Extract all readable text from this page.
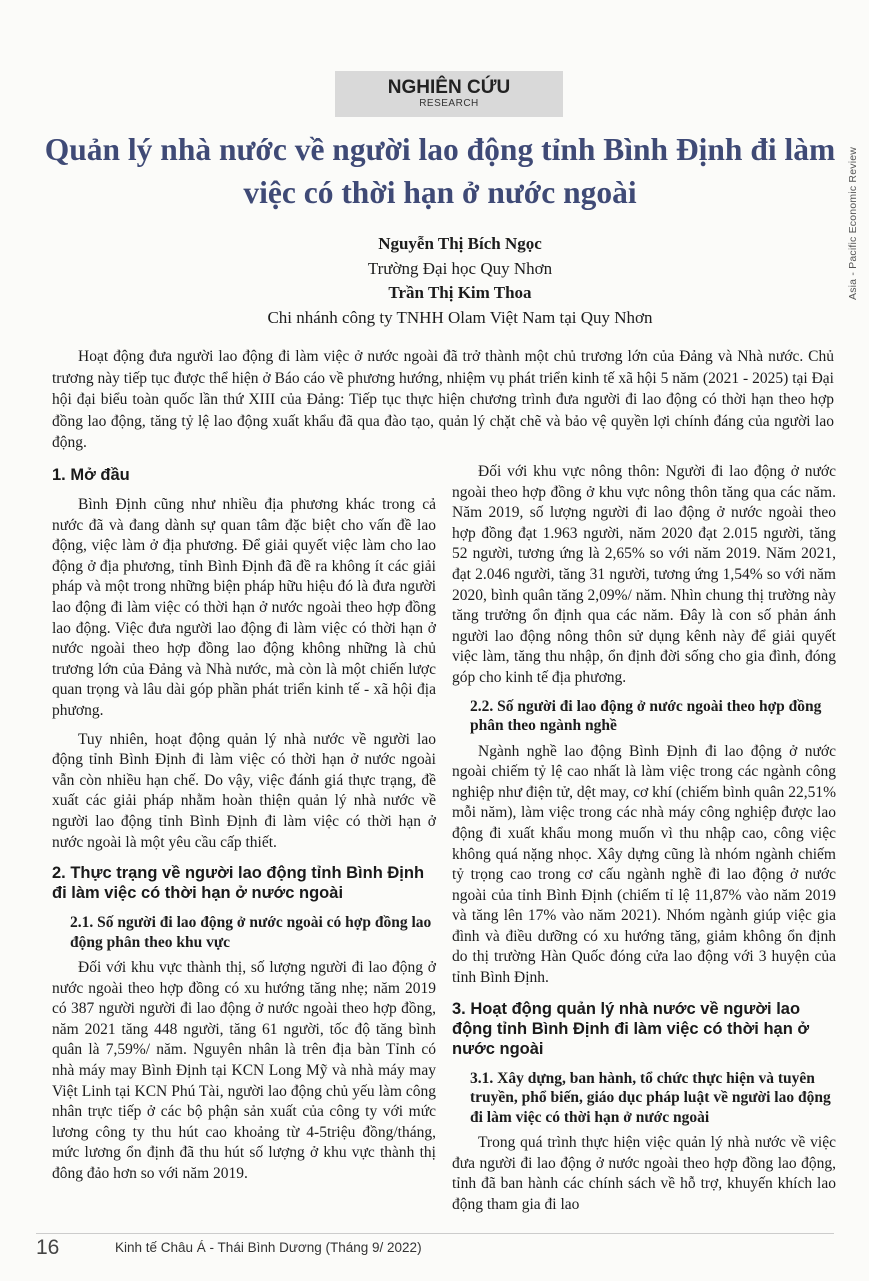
Asia - Pacific Economic Review
NGHIÊN CỨU
RESEARCH
Quản lý nhà nước về người lao động tỉnh Bình Định đi làm việc có thời hạn ở nước ngoài
Nguyễn Thị Bích Ngọc
Trường Đại học Quy Nhơn
Trần Thị Kim Thoa
Chi nhánh công ty TNHH Olam Việt Nam tại Quy Nhơn
Hoạt động đưa người lao động đi làm việc ở nước ngoài đã trở thành một chủ trương lớn của Đảng và Nhà nước. Chủ trương này tiếp tục được thể hiện ở Báo cáo về phương hướng, nhiệm vụ phát triển kinh tế xã hội 5 năm (2021 - 2025) tại Đại hội đại biểu toàn quốc lần thứ XIII của Đảng: Tiếp tục thực hiện chương trình đưa người đi lao động có thời hạn theo hợp đồng lao động, tăng tỷ lệ lao động xuất khẩu đã qua đào tạo, quản lý chặt chẽ và bảo vệ quyền lợi chính đáng của người lao động.
1. Mở đầu

Bình Định cũng như nhiều địa phương khác trong cả nước đã và đang dành sự quan tâm đặc biệt cho vấn đề lao động, việc làm ở địa phương. Để giải quyết việc làm cho lao động ở địa phương, tỉnh Bình Định đã đề ra không ít các giải pháp và một trong những biện pháp hữu hiệu đó là đưa người lao động đi làm việc có thời hạn ở nước ngoài theo hợp đồng lao động. Việc đưa người lao động đi làm việc có thời hạn ở nước ngoài theo hợp đồng lao động không những là chủ trương lớn của Đảng và Nhà nước, mà còn là một chiến lược quan trọng và lâu dài góp phần phát triển kinh tế - xã hội địa phương.

Tuy nhiên, hoạt động quản lý nhà nước về người lao động tỉnh Bình Định đi làm việc có thời hạn ở nước ngoài vẫn còn nhiều hạn chế. Do vậy, việc đánh giá thực trạng, đề xuất các giải pháp nhằm hoàn thiện quản lý nhà nước về người lao động tỉnh Bình Định đi làm việc có thời hạn ở nước ngoài là một yêu cầu cấp thiết.

2. Thực trạng về người lao động tỉnh Bình Định đi làm việc có thời hạn ở nước ngoài
2.1. Số người đi lao động ở nước ngoài có hợp đồng lao động phân theo khu vực

Đối với khu vực thành thị, số lượng người đi lao động ở nước ngoài theo hợp đồng có xu hướng tăng nhẹ; năm 2019 có 387 người người đi lao động ở nước ngoài theo hợp đồng, năm 2021 tăng 448 người, tăng 61 người, tốc độ tăng bình quân là 7,59%/ năm. Nguyên nhân là trên địa bàn Tỉnh có nhà máy may Bình Định tại KCN Long Mỹ và nhà máy may Việt Linh tại KCN Phú Tài, người lao động chủ yếu làm công nhân trực tiếp ở các bộ phận sản xuất của công ty với mức lương công ty thu hút cao khoảng từ 4-5triệu đồng/tháng, mức lương ổn định đã thu hút số lượng ở khu vực thành thị đông đảo hơn so với năm 2019.

Đối với khu vực nông thôn: Người đi lao động ở nước ngoài theo hợp đồng ở khu vực nông thôn tăng qua các năm. Năm 2019, số lượng người đi lao động ở nước ngoài theo hợp đồng đạt 1.963 người, năm 2020 đạt 2.015 người, tăng 52 người, tương ứng là 2,65% so với năm 2019. Năm 2021, đạt 2.046 người, tăng 31 người, tương ứng 1,54% so với năm 2020, bình quân tăng 2,09%/ năm. Nhìn chung thị trường này tăng trưởng ổn định qua các năm. Đây là con số phản ánh người lao động nông thôn sử dụng kênh này để giải quyết việc làm, tăng thu nhập, ổn định đời sống cho gia đình, đóng góp cho kinh tế địa phương.

2.2. Số người đi lao động ở nước ngoài theo hợp đồng phân theo ngành nghề

Ngành nghề lao động Bình Định đi lao động ở nước ngoài chiếm tỷ lệ cao nhất là làm việc trong các ngành công nghiệp như điện tử, dệt may, cơ khí (chiếm bình quân 22,51% mỗi năm), làm việc trong các nhà máy công nghiệp được lao động đi xuất khẩu mong muốn vì thu nhập cao, công việc không quá nặng nhọc. Xây dựng cũng là nhóm ngành chiếm tỷ trọng cao trong cơ cấu ngành nghề đi lao động ở nước ngoài của tỉnh Bình Định (chiếm tỉ lệ 11,87% vào năm 2019 và tăng lên 17% vào năm 2021). Nhóm ngành giúp việc gia đình và điều dưỡng có xu hướng tăng, giảm không ổn định do thị trường Hàn Quốc đóng cửa lao động với 3 huyện của tỉnh Bình Định.

3. Hoạt động quản lý nhà nước về người lao động tỉnh Bình Định đi làm việc có thời hạn ở nước ngoài
3.1. Xây dựng, ban hành, tổ chức thực hiện và tuyên truyền, phổ biến, giáo dục pháp luật về người lao động đi làm việc có thời hạn ở nước ngoài

Trong quá trình thực hiện việc quản lý nhà nước về việc đưa người đi lao động ở nước ngoài theo hợp đồng lao động, tỉnh đã ban hành các chính sách về hỗ trợ, khuyến khích lao động tham gia đi lao

16	Kinh tế Châu Á - Thái Bình Dương (Tháng 9/ 2022)
